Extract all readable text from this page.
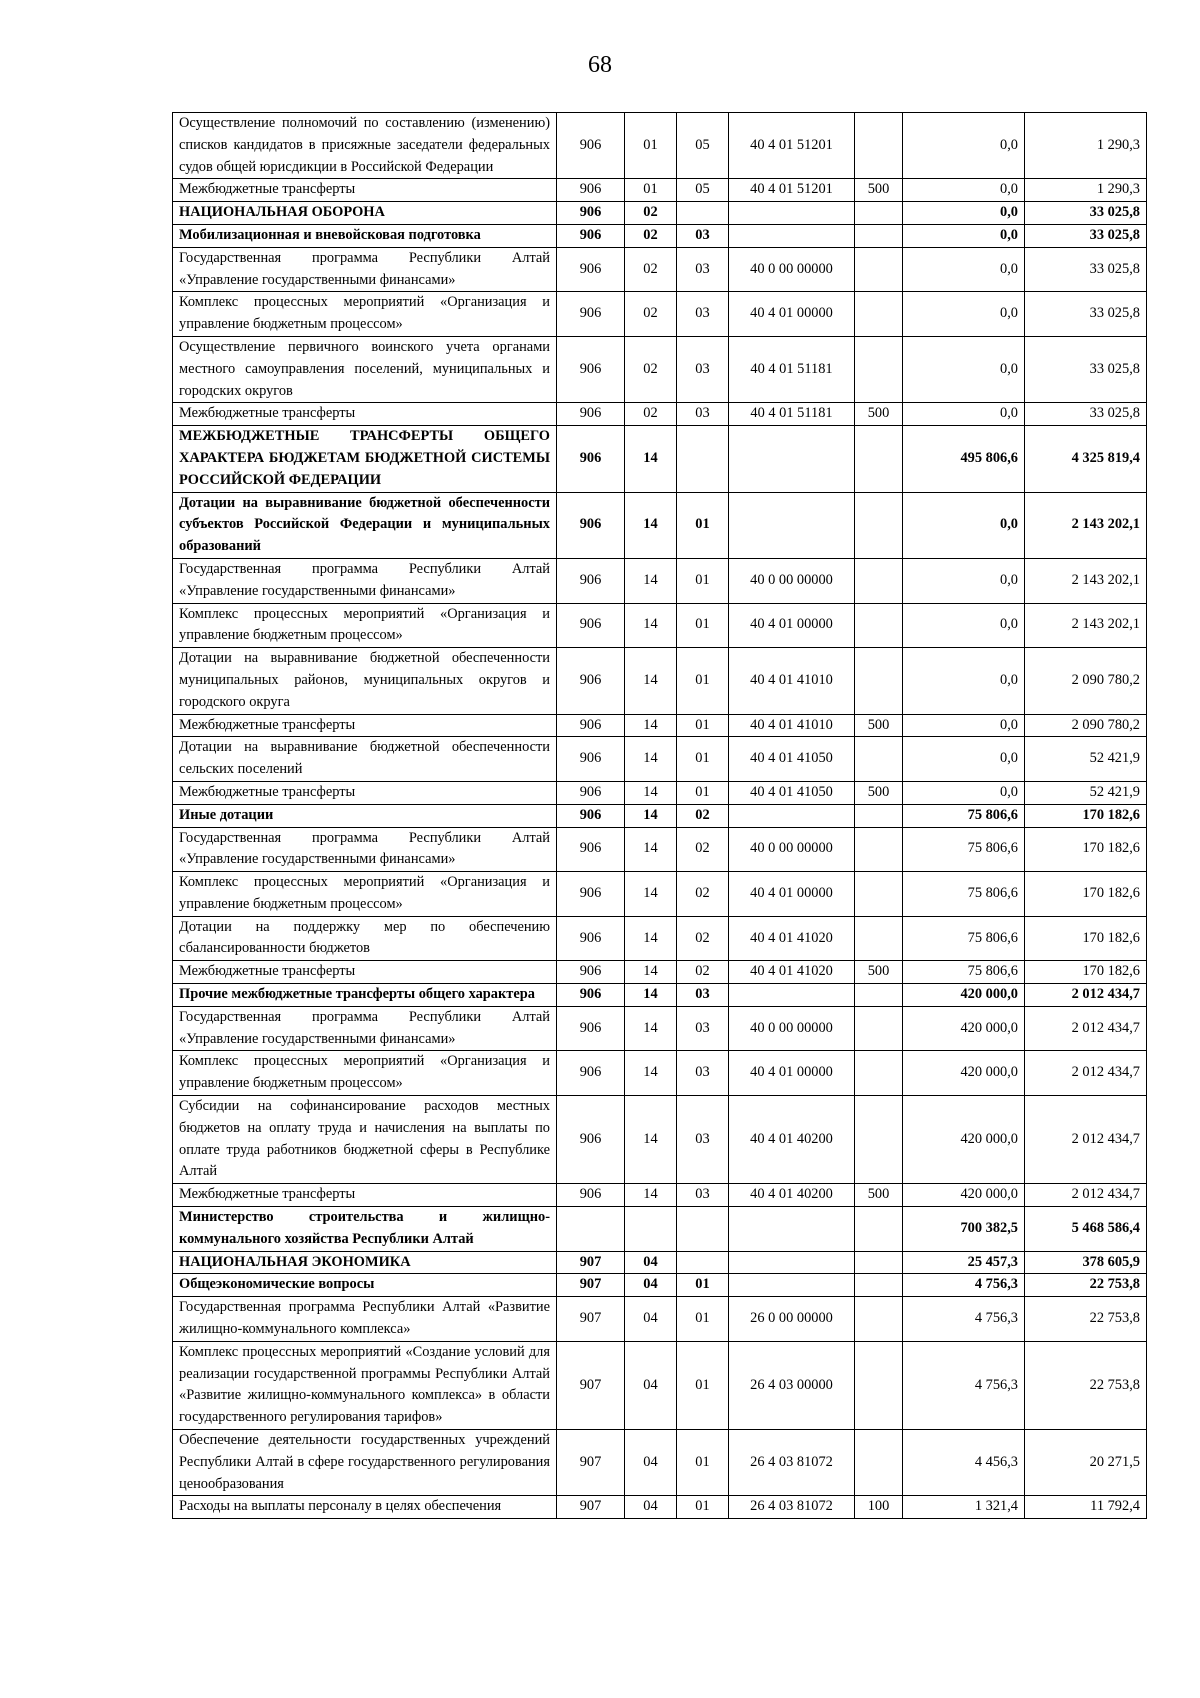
68
Осуществление полномочий по составлению (изменению) списков кандидатов в присяжные заседатели федеральных судов общей юрисдикции в Российской Федерации	906	01	05	40 4 01 51201		0,0	1 290,3
Межбюджетные трансферты	906	01	05	40 4 01 51201	500	0,0	1 290,3
НАЦИОНАЛЬНАЯ ОБОРОНА	906	02				0,0	33 025,8
Мобилизационная и вневойсковая подготовка	906	02	03			0,0	33 025,8
Государственная программа Республики Алтай «Управление государственными финансами»	906	02	03	40 0 00 00000		0,0	33 025,8
Комплекс процессных мероприятий «Организация и управление бюджетным процессом»	906	02	03	40 4 01 00000		0,0	33 025,8
Осуществление первичного воинского учета органами местного самоуправления поселений, муниципальных и городских округов	906	02	03	40 4 01 51181		0,0	33 025,8
Межбюджетные трансферты	906	02	03	40 4 01 51181	500	0,0	33 025,8
МЕЖБЮДЖЕТНЫЕ ТРАНСФЕРТЫ ОБЩЕГО ХАРАКТЕРА БЮДЖЕТАМ БЮДЖЕТНОЙ СИСТЕМЫ РОССИЙСКОЙ ФЕДЕРАЦИИ	906	14				495 806,6	4 325 819,4
Дотации на выравнивание бюджетной обеспеченности субъектов Российской Федерации и муниципальных образований	906	14	01			0,0	2 143 202,1
Государственная программа Республики Алтай «Управление государственными финансами»	906	14	01	40 0 00 00000		0,0	2 143 202,1
Комплекс процессных мероприятий «Организация и управление бюджетным процессом»	906	14	01	40 4 01 00000		0,0	2 143 202,1
Дотации на выравнивание бюджетной обеспеченности муниципальных районов, муниципальных округов и городского округа	906	14	01	40 4 01 41010		0,0	2 090 780,2
Межбюджетные трансферты	906	14	01	40 4 01 41010	500	0,0	2 090 780,2
Дотации на выравнивание бюджетной обеспеченности сельских поселений	906	14	01	40 4 01 41050		0,0	52 421,9
Межбюджетные трансферты	906	14	01	40 4 01 41050	500	0,0	52 421,9
Иные дотации	906	14	02			75 806,6	170 182,6
Государственная программа Республики Алтай «Управление государственными финансами»	906	14	02	40 0 00 00000		75 806,6	170 182,6
Комплекс процессных мероприятий «Организация и управление бюджетным процессом»	906	14	02	40 4 01 00000		75 806,6	170 182,6
Дотации на поддержку мер по обеспечению сбалансированности бюджетов	906	14	02	40 4 01 41020		75 806,6	170 182,6
Межбюджетные трансферты	906	14	02	40 4 01 41020	500	75 806,6	170 182,6
Прочие межбюджетные трансферты общего характера	906	14	03			420 000,0	2 012 434,7
Государственная программа Республики Алтай «Управление государственными финансами»	906	14	03	40 0 00 00000		420 000,0	2 012 434,7
Комплекс процессных мероприятий «Организация и управление бюджетным процессом»	906	14	03	40 4 01 00000		420 000,0	2 012 434,7
Субсидии на софинансирование расходов местных бюджетов на оплату труда и начисления на выплаты по оплате труда работников бюджетной сферы в Республике Алтай	906	14	03	40 4 01 40200		420 000,0	2 012 434,7
Межбюджетные трансферты	906	14	03	40 4 01 40200	500	420 000,0	2 012 434,7
Министерство строительства и жилищно-коммунального хозяйства Республики Алтай						700 382,5	5 468 586,4
НАЦИОНАЛЬНАЯ ЭКОНОМИКА	907	04				25 457,3	378 605,9
Общеэкономические вопросы	907	04	01			4 756,3	22 753,8
Государственная программа Республики Алтай «Развитие жилищно-коммунального комплекса»	907	04	01	26 0 00 00000		4 756,3	22 753,8
Комплекс процессных мероприятий «Создание условий для реализации государственной программы Республики Алтай «Развитие жилищно-коммунального комплекса» в области государственного регулирования тарифов»	907	04	01	26 4 03 00000		4 756,3	22 753,8
Обеспечение деятельности государственных учреждений Республики Алтай в сфере государственного регулирования ценообразования	907	04	01	26 4 03 81072		4 456,3	20 271,5
Расходы на выплаты персоналу в целях обеспечения	907	04	01	26 4 03 81072	100	1 321,4	11 792,4
